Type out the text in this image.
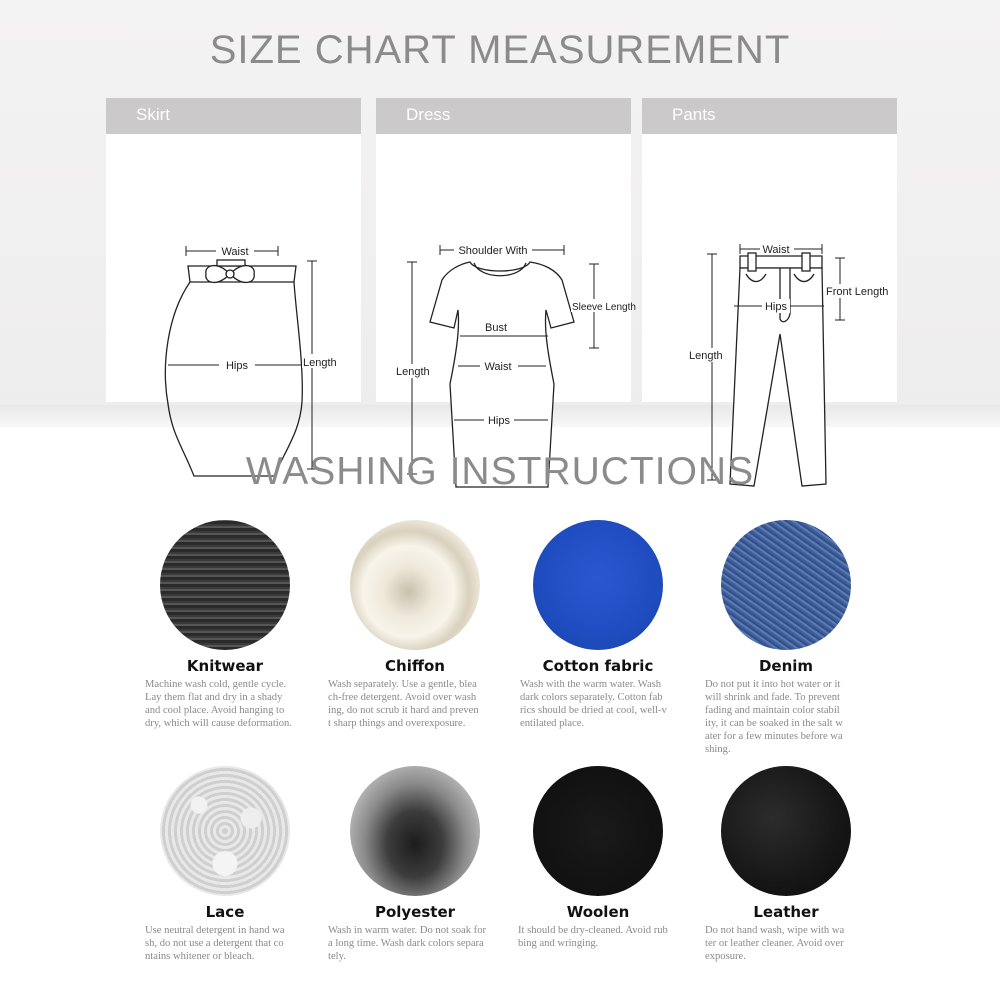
SIZE CHART MEASUREMENT
Skirt
Waist
Hips	Length
Dress
Shoulder With
Bust
Waist
Hips
Length
Sleeve Length
Pants
Waist
Hips
Length
Front Length
WASHING INSTRUCTIONS
Knitwear
Machine wash cold, gentle cycle.
Lay them flat and dry in a shady
and cool place. Avoid hanging to
dry, which will cause deformation.
Chiffon
Wash separately. Use a gentle, blea
ch-free detergent. Avoid over wash
ing, do not scrub it hard and preven
t sharp things and overexposure.
Cotton fabric
Wash with the warm water. Wash
dark colors separately. Cotton fab
rics should be dried at cool, well-v
entilated place.
Denim
Do not put it into hot water or it
will shrink and fade. To prevent
fading and maintain color stabil
ity, it can be soaked in the salt w
ater for a few minutes before wa
shing.
Lace
Use neutral detergent in hand wa
sh, do not use a detergent that co
ntains whitener or bleach.
Polyester
Wash in warm water. Do not soak for
a long time. Wash dark colors separa
tely.
Woolen
It should be dry-cleaned. Avoid rub
bing and wringing.
Leather
Do not hand wash, wipe with wa
ter or leather cleaner. Avoid over
exposure.
